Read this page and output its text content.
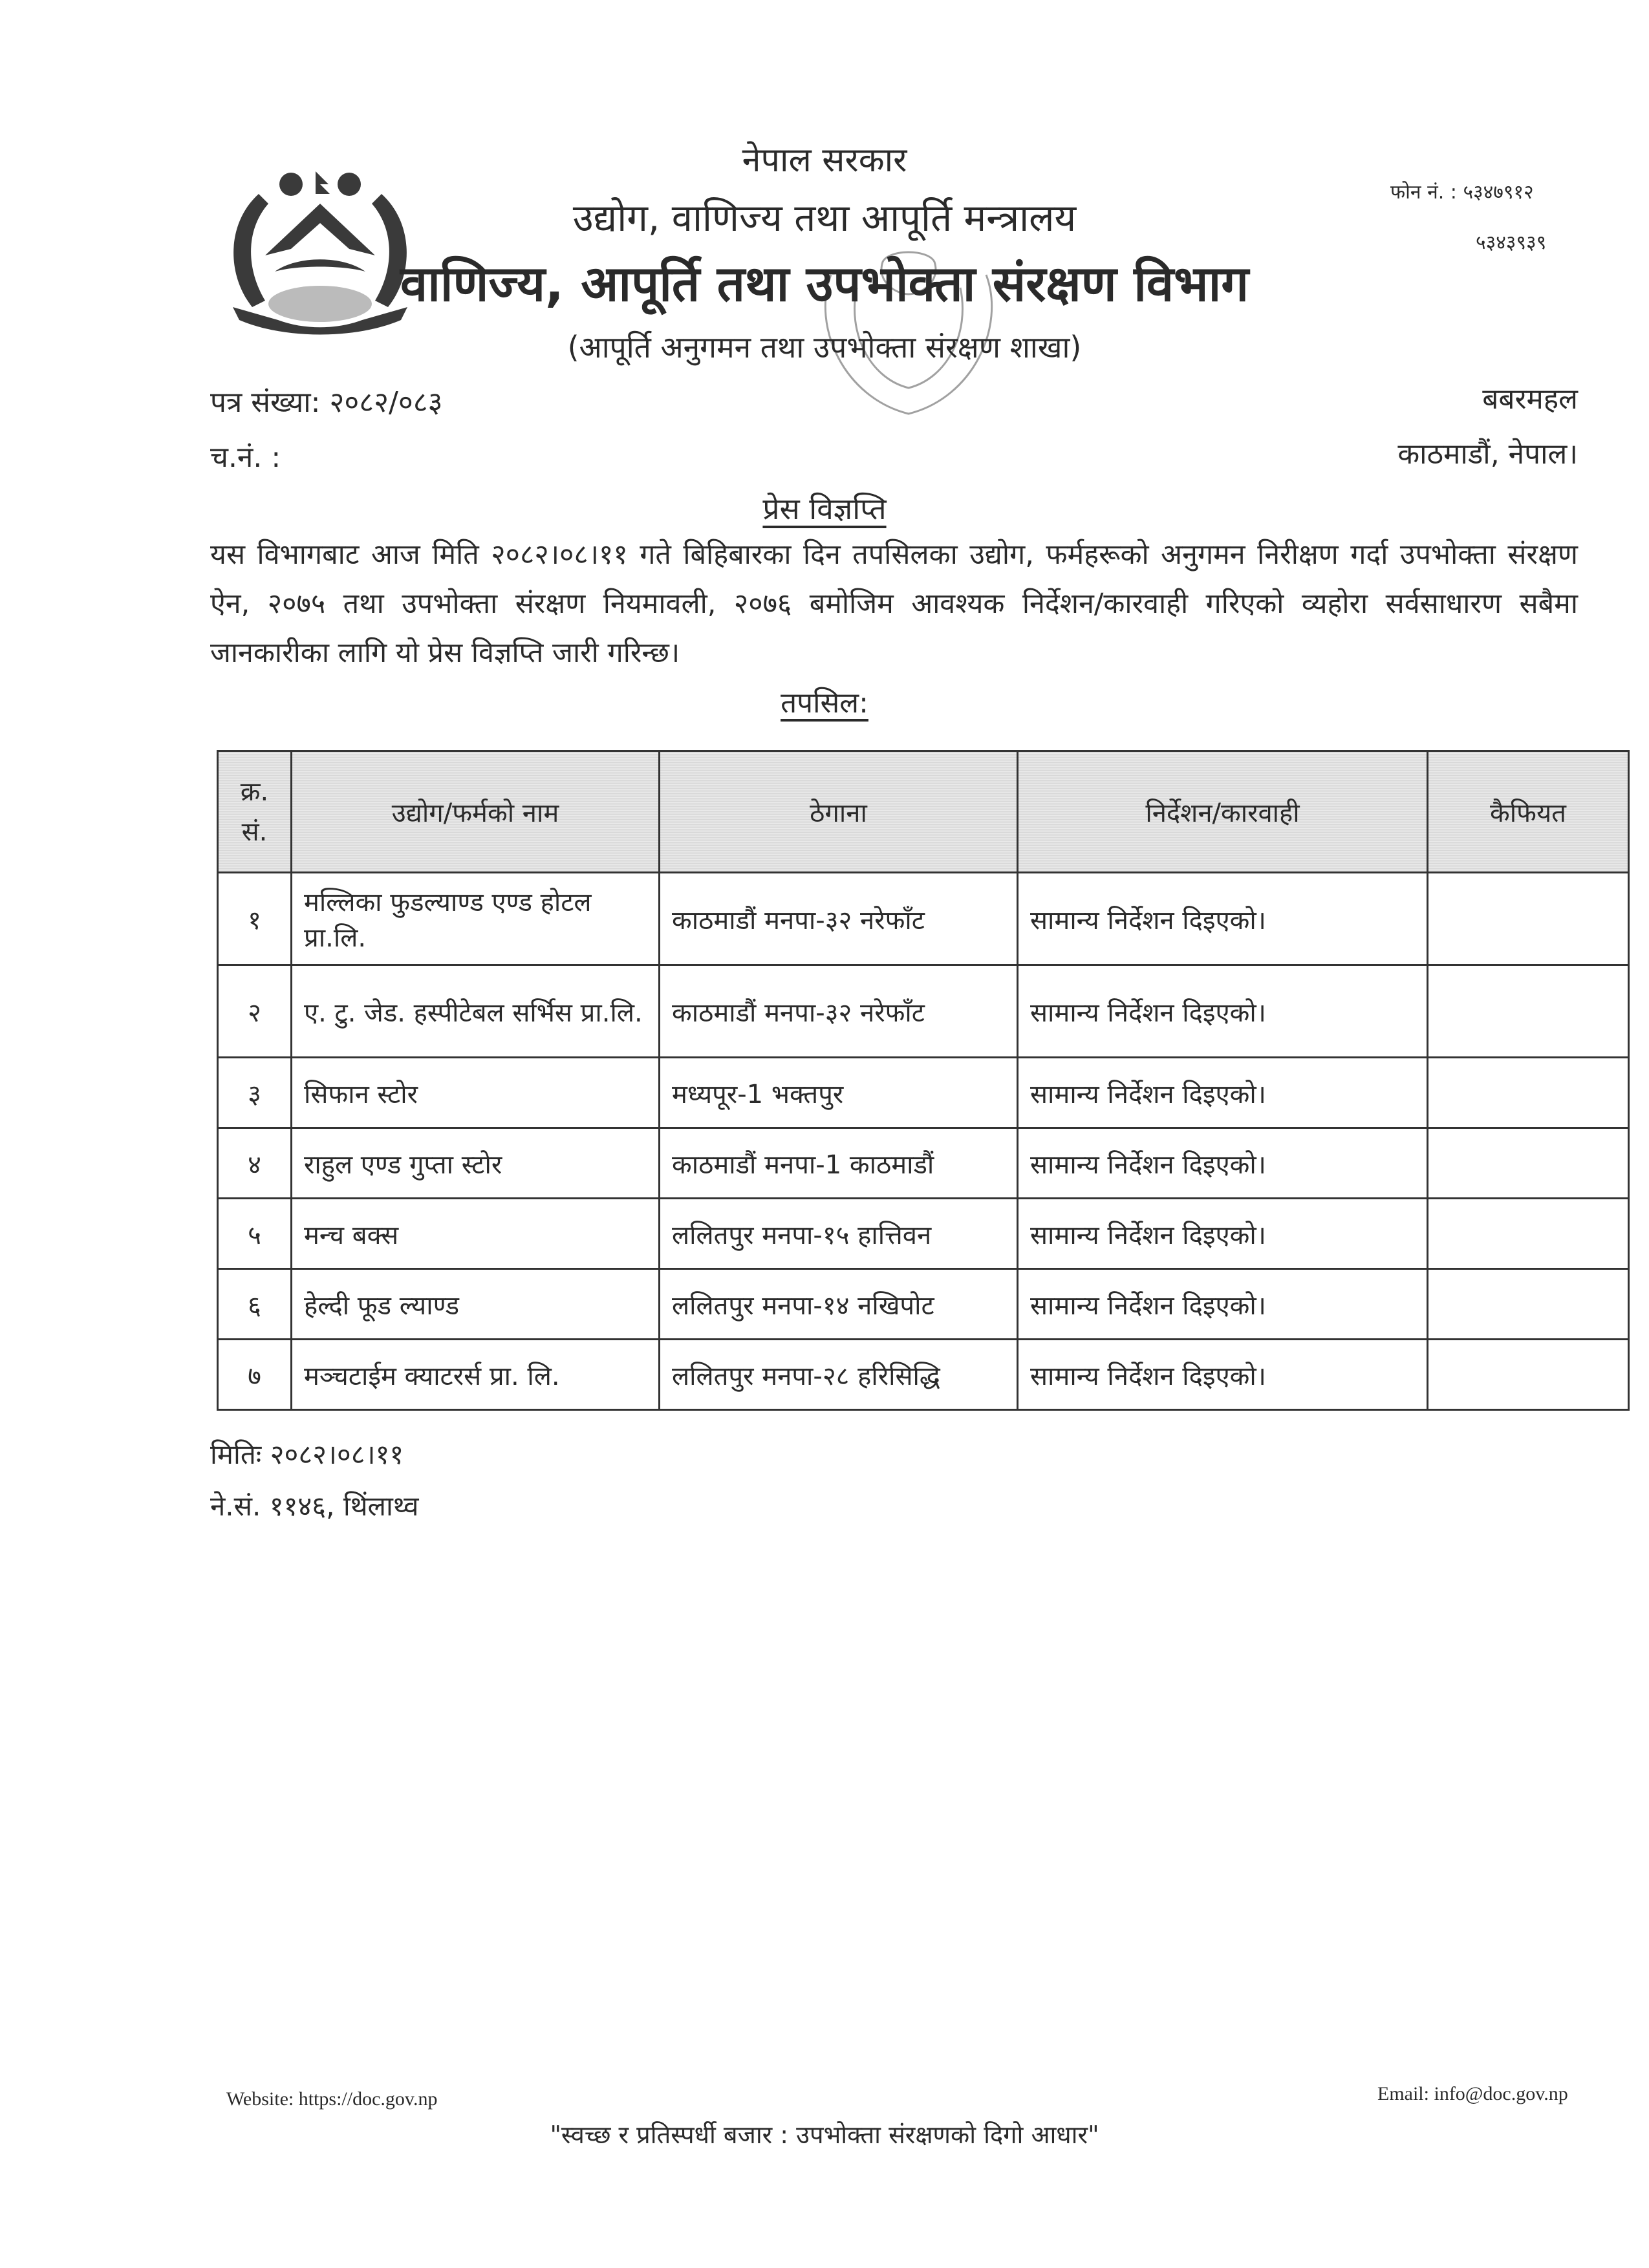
नेपाल सरकार
उद्योग, वाणिज्य तथा आपूर्ति मन्त्रालय
वाणिज्य, आपूर्ति तथा उपभोक्ता संरक्षण विभाग
(आपूर्ति अनुगमन तथा उपभोक्ता संरक्षण शाखा)
फोन नं. : ५३४७९१२
५३४३९३९
पत्र संख्या: २०८२/०८३
च.नं. :
बबरमहल
काठमाडौं, नेपाल।
प्रेस विज्ञप्ति
यस विभागबाट आज मिति २०८२।०८।११ गते बिहिबारका दिन तपसिलका उद्योग, फर्महरूको अनुगमन निरीक्षण गर्दा उपभोक्ता संरक्षण ऐन, २०७५ तथा उपभोक्ता संरक्षण नियमावली, २०७६ बमोजिम आवश्यक निर्देशन/कारवाही गरिएको व्यहोरा सर्वसाधारण सबैमा जानकारीका लागि यो प्रेस विज्ञप्ति जारी गरिन्छ।
तपसिल:
क्र.
सं.	उद्योग/फर्मको नाम	ठेगाना	निर्देशन/कारवाही	कैफियत
१	मल्लिका फुडल्याण्ड एण्ड होटल प्रा.लि.	काठमाडौं मनपा-३२ नरेफाँट	सामान्य निर्देशन दिइएको।	
२	ए. टु. जेड. हस्पीटेबल सर्भिस प्रा.लि.	काठमाडौं मनपा-३२ नरेफाँट	सामान्य निर्देशन दिइएको।	
३	सिफान स्टोर	मध्यपूर-1 भक्तपुर	सामान्य निर्देशन दिइएको।	
४	राहुल एण्ड गुप्ता स्टोर	काठमाडौं मनपा-1 काठमाडौं	सामान्य निर्देशन दिइएको।	
५	मन्च बक्स	ललितपुर मनपा-१५ हात्तिवन	सामान्य निर्देशन दिइएको।	
६	हेल्दी फूड ल्याण्ड	ललितपुर मनपा-१४ नखिपोट	सामान्य निर्देशन दिइएको।	
७	मञ्चटाईम क्याटरर्स प्रा. लि.	ललितपुर मनपा-२८ हरिसिद्धि	सामान्य निर्देशन दिइएको।	
मितिः २०८२।०८।११
ने.सं. ११४६, थिंलाथ्व
Website: https://doc.gov.np	Email: info@doc.gov.np
"स्वच्छ र प्रतिस्पर्धी बजार : उपभोक्ता संरक्षणको दिगो आधार"
